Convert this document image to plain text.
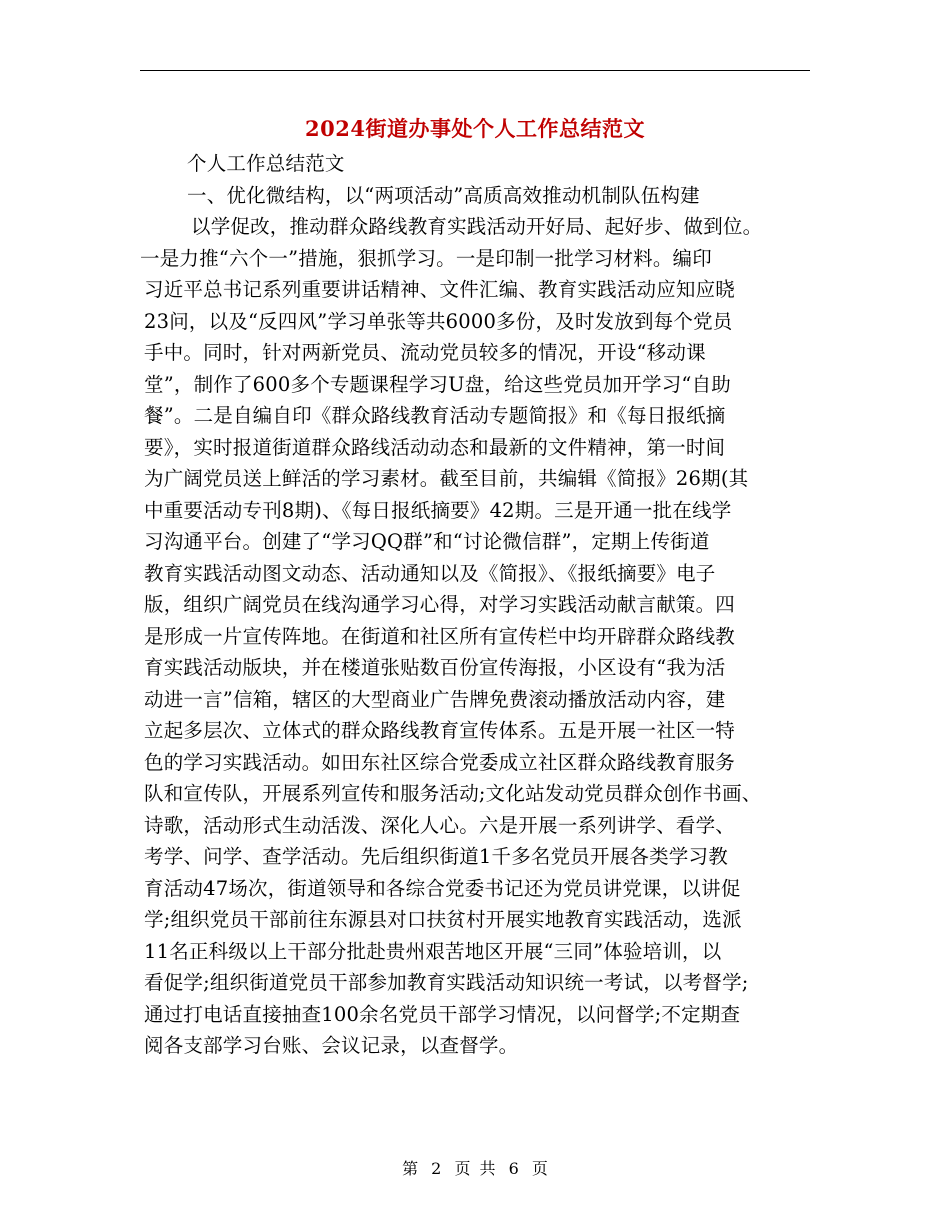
2024街道办事处个人工作总结范文
个人工作总结范文
一、优化微结构，以“两项活动”高质高效推动机制队伍构建
以学促改，推动群众路线教育实践活动开好局、起好步、做到位。
一是力推“六个一”措施，狠抓学习。一是印制一批学习材料。编印
习近平总书记系列重要讲话精神、文件汇编、教育实践活动应知应晓
23问，以及“反四风”学习单张等共6000多份，及时发放到每个党员
手中。同时，针对两新党员、流动党员较多的情况，开设“移动课
堂”，制作了600多个专题课程学习U盘，给这些党员加开学习“自助
餐”。二是自编自印《群众路线教育活动专题简报》和《每日报纸摘
要》，实时报道街道群众路线活动动态和最新的文件精神，第一时间
为广阔党员送上鲜活的学习素材。截至目前，共编辑《简报》26期(其
中重要活动专刊8期)、《每日报纸摘要》42期。三是开通一批在线学
习沟通平台。创建了“学习QQ群”和“讨论微信群”，定期上传街道
教育实践活动图文动态、活动通知以及《简报》、《报纸摘要》电子
版，组织广阔党员在线沟通学习心得，对学习实践活动献言献策。四
是形成一片宣传阵地。在街道和社区所有宣传栏中均开辟群众路线教
育实践活动版块，并在楼道张贴数百份宣传海报，小区设有“我为活
动进一言”信箱，辖区的大型商业广告牌免费滚动播放活动内容，建
立起多层次、立体式的群众路线教育宣传体系。五是开展一社区一特
色的学习实践活动。如田东社区综合党委成立社区群众路线教育服务
队和宣传队，开展系列宣传和服务活动;文化站发动党员群众创作书画、
诗歌，活动形式生动活泼、深化人心。六是开展一系列讲学、看学、
考学、问学、查学活动。先后组织街道1千多名党员开展各类学习教
育活动47场次，街道领导和各综合党委书记还为党员讲党课，以讲促
学;组织党员干部前往东源县对口扶贫村开展实地教育实践活动，选派
11名正科级以上干部分批赴贵州艰苦地区开展“三同”体验培训，以
看促学;组织街道党员干部参加教育实践活动知识统一考试，以考督学;
通过打电话直接抽查100余名党员干部学习情况，以问督学;不定期查
阅各支部学习台账、会议记录，以查督学。
第 2 页 共 6 页
